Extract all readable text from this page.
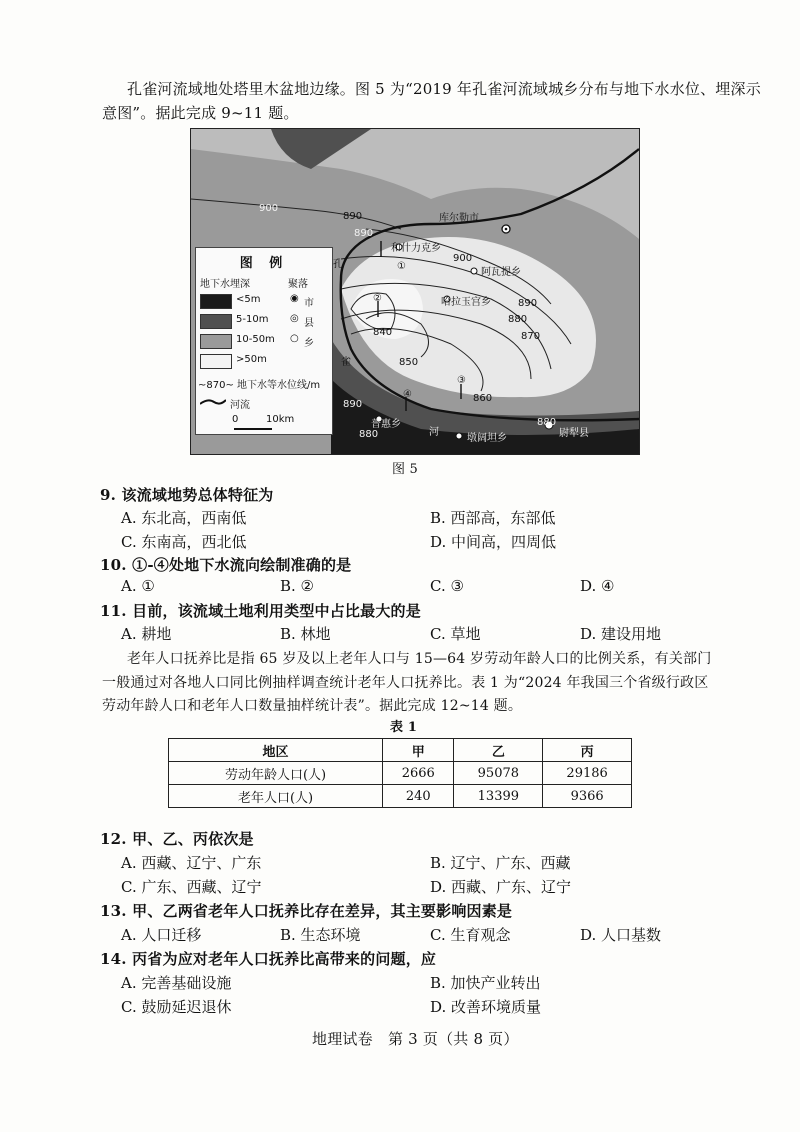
孔雀河流域地处塔里木盆地边缘。图 5 为“2019 年孔雀河流域城乡分布与地下水水位、埋深示
意图”。据此完成 9~11 题。
库尔勒市
尉犁县
和什力克乡
阿瓦提乡
哈拉玉宫乡
普惠乡
墩阔坦乡
孔
雀
河
900
890
900
890
880
870
860
850
840
890
880
890
880
①
②
③
④
图 例
地下水埋深	聚落
<5m
5-10m
10-50m
>50m
◉ 市
◎ 县
○ 乡
~870~ 地下水等水位线/m
河流
0	10km
图 5
9. 该流域地势总体特征为
A. 东北高，西南低	B. 西部高，东部低
C. 东南高，西北低	D. 中间高，四周低
10. ①-④处地下水流向绘制准确的是
A. ①	B. ②	C. ③	D. ④
11. 目前，该流域土地利用类型中占比最大的是
A. 耕地	B. 林地	C. 草地	D. 建设用地
老年人口抚养比是指 65 岁及以上老年人口与 15—64 岁劳动年龄人口的比例关系，有关部门
一般通过对各地人口同比例抽样调查统计老年人口抚养比。表 1 为“2024 年我国三个省级行政区
劳动年龄人口和老年人口数量抽样统计表”。据此完成 12~14 题。
表 1
地区	甲	乙	丙
劳动年龄人口(人)	2666	95078	29186
老年人口(人)	240	13399	9366
12. 甲、乙、丙依次是
A. 西藏、辽宁、广东	B. 辽宁、广东、西藏
C. 广东、西藏、辽宁	D. 西藏、广东、辽宁
13. 甲、乙两省老年人口抚养比存在差异，其主要影响因素是
A. 人口迁移	B. 生态环境	C. 生育观念	D. 人口基数
14. 丙省为应对老年人口抚养比高带来的问题，应
A. 完善基础设施	B. 加快产业转出
C. 鼓励延迟退休	D. 改善环境质量
地理试卷　第 3 页（共 8 页）
